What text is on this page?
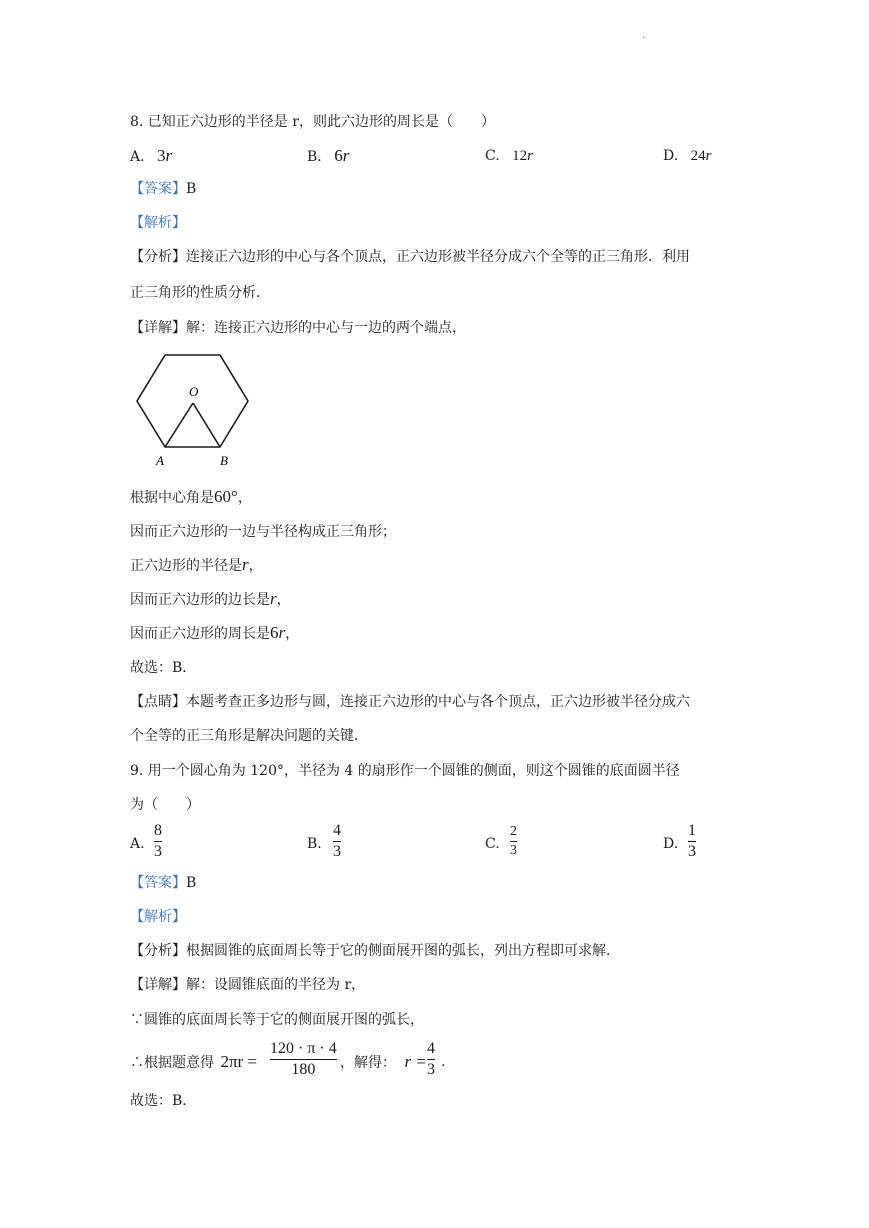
.
8. 已知正六边形的半径是 r，则此六边形的周长是（　　）
A. 3r	B. 6r	C. 12r	D. 24r
【答案】B
【解析】
【分析】连接正六边形的中心与各个顶点，正六边形被半径分成六个全等的正三角形．利用
正三角形的性质分析．
【详解】解：连接正六边形的中心与一边的两个端点，
O
A	B
根据中心角是60°，
因而正六边形的一边与半径构成正三角形；
正六边形的半径是r，
因而正六边形的边长是r，
因而正六边形的周长是6r，
故选：B．
【点睛】本题考查正多边形与圆，连接正六边形的中心与各个顶点，正六边形被半径分成六
个全等的正三角形是解决问题的关键．
9. 用一个圆心角为 120°，半径为 4 的扇形作一个圆锥的侧面，则这个圆锥的底面圆半径
为（　　）
A.
8
3	B.
4
3	C.
2
3	D.
1
3
【答案】B
【解析】
【分析】根据圆锥的底面周长等于它的侧面展开图的弧长，列出方程即可求解．
【详解】解：设圆锥底面的半径为 r，
∵圆锥的底面周长等于它的侧面展开图的弧长，
∴根据题意得 2πr =
120 · π · 4
180 ，解得： r =
4
3 .
故选：B．
